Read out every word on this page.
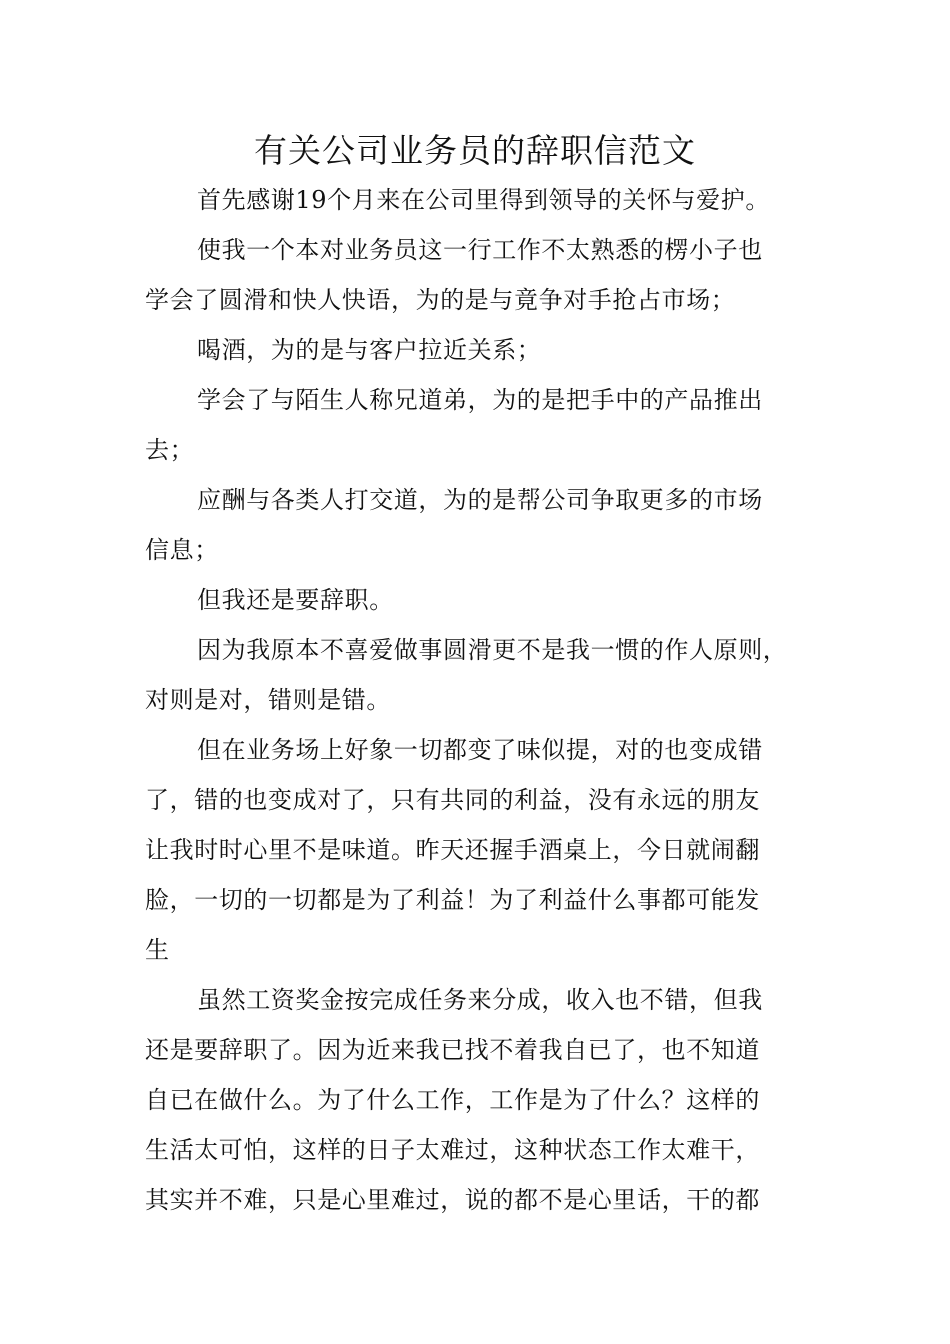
有关公司业务员的辞职信范文
首先感谢19个月来在公司里得到领导的关怀与爱护。
使我一个本对业务员这一行工作不太熟悉的楞小子也
学会了圆滑和快人快语，为的是与竟争对手抢占市场；
喝酒，为的是与客户拉近关系；
学会了与陌生人称兄道弟，为的是把手中的产品推出
去；
应酬与各类人打交道，为的是帮公司争取更多的市场
信息；
但我还是要辞职。
因为我原本不喜爱做事圆滑更不是我一惯的作人原则，
对则是对，错则是错。
但在业务场上好象一切都变了味似提，对的也变成错
了，错的也变成对了，只有共同的利益，没有永远的朋友
让我时时心里不是味道。昨天还握手酒桌上，今日就闹翻
脸，一切的一切都是为了利益！为了利益什么事都可能发
生
虽然工资奖金按完成任务来分成，收入也不错，但我
还是要辞职了。因为近来我已找不着我自已了，也不知道
自已在做什么。为了什么工作，工作是为了什么？这样的
生活太可怕，这样的日子太难过，这种状态工作太难干，
其实并不难，只是心里难过，说的都不是心里话，干的都
